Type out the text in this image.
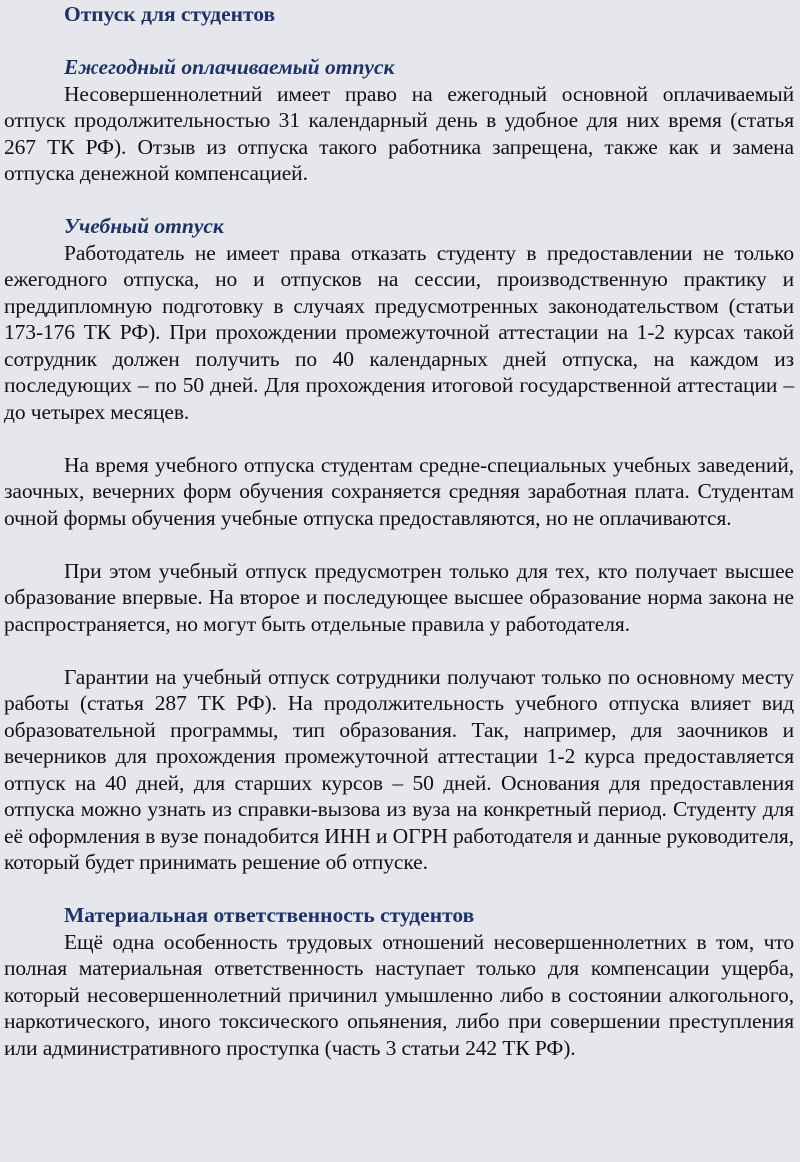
Отпуск для студентов

Ежегодный оплачиваемый отпуск

Несовершеннолетний имеет право на ежегодный основной оплачиваемый отпуск продолжительностью 31 календарный день в удобное для них время (статья 267 ТК РФ). Отзыв из отпуска такого работника запрещена, также как и замена отпуска денежной компенсацией.

Учебный отпуск

Работодатель не имеет права отказать студенту в предоставлении не только ежегодного отпуска, но и отпусков на сессии, производственную практику и преддипломную подготовку в случаях предусмотренных законодательством (статьи 173-176 ТК РФ). При прохождении промежуточной аттестации на 1-2 курсах такой сотрудник должен получить по 40 календарных дней отпуска, на каждом из последующих – по 50 дней. Для прохождения итоговой государственной аттестации – до четырех месяцев.

На время учебного отпуска студентам средне-специальных учебных заведений, заочных, вечерних форм обучения сохраняется средняя заработная плата. Студентам очной формы обучения учебные отпуска предоставляются, но не оплачиваются.

При этом учебный отпуск предусмотрен только для тех, кто получает высшее образование впервые. На второе и последующее высшее образование норма закона не распространяется, но могут быть отдельные правила у работодателя.

Гарантии на учебный отпуск сотрудники получают только по основному месту работы (статья 287 ТК РФ). На продолжительность учебного отпуска влияет вид образовательной программы, тип образования. Так, например, для заочников и вечерников для прохождения промежуточной аттестации 1-2 курса предоставляется отпуск на 40 дней, для старших курсов – 50 дней. Основания для предоставления отпуска можно узнать из справки-вызова из вуза на конкретный период. Студенту для её оформления в вузе понадобится ИНН и ОГРН работодателя и данные руководителя, который будет принимать решение об отпуске.

Материальная ответственность студентов

Ещё одна особенность трудовых отношений несовершеннолетних в том, что полная материальная ответственность наступает только для компенсации ущерба, который несовершеннолетний причинил умышленно либо в состоянии алкогольного, наркотического, иного токсического опьянения, либо при совершении преступления или административного проступка (часть 3 статьи 242 ТК РФ).
